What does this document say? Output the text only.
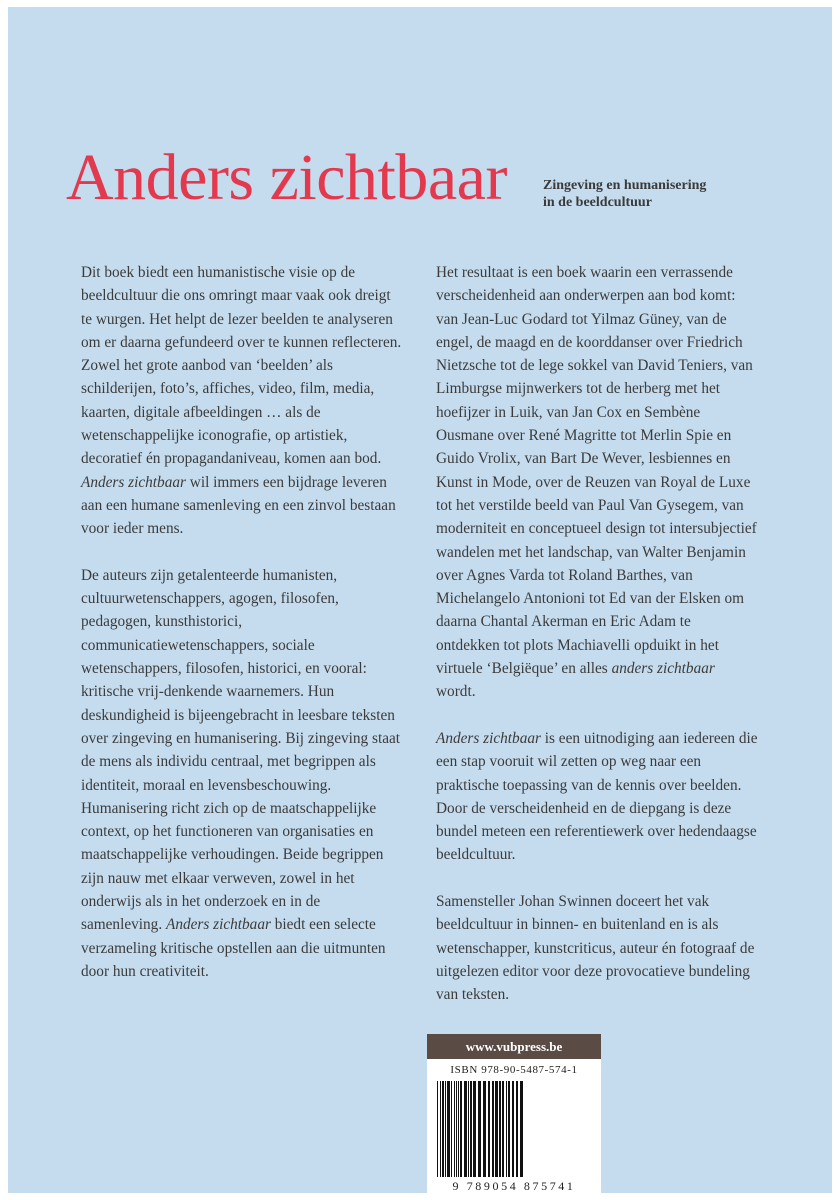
Anders zichtbaar	Zingeving en humanisering
in de beeldcultuur

Dit boek biedt een humanistische visie op de beeldcultuur die ons omringt maar vaak ook dreigt te wurgen. Het helpt de lezer beelden te analyseren om er daarna gefundeerd over te kunnen reflecteren. Zowel het grote aanbod van ‘beelden’ als schilderijen, foto’s, affiches, video, film, media, kaarten, digitale afbeeldingen … als de wetenschappelijke iconografie, op artistiek, decoratief én propagandaniveau, komen aan bod. Anders zichtbaar wil immers een bijdrage leveren aan een humane samenleving en een zinvol bestaan voor ieder mens.

De auteurs zijn getalenteerde humanisten, cultuurwetenschappers, agogen, filosofen, pedagogen, kunsthistorici, communicatiewetenschappers, sociale wetenschappers, filosofen, historici, en vooral: kritische vrij-denkende waarnemers. Hun deskundigheid is bijeengebracht in leesbare teksten over zingeving en humanisering. Bij zingeving staat de mens als individu centraal, met begrippen als identiteit, moraal en levensbeschouwing. Humanisering richt zich op de maatschappelijke context, op het functioneren van organisaties en maatschappelijke verhoudingen. Beide begrippen zijn nauw met elkaar verweven, zowel in het onderwijs als in het onderzoek en in de samenleving. Anders zichtbaar biedt een selecte verzameling kritische opstellen aan die uitmunten door hun creativiteit.

Het resultaat is een boek waarin een verrassende verscheidenheid aan onderwerpen aan bod komt: van Jean-Luc Godard tot Yilmaz Güney, van de engel, de maagd en de koorddanser over Friedrich Nietzsche tot de lege sokkel van David Teniers, van Limburgse mijnwerkers tot de herberg met het hoefijzer in Luik, van Jan Cox en Sembène Ousmane over René Magritte tot Merlin Spie en Guido Vrolix, van Bart De Wever, lesbiennes en Kunst in Mode, over de Reuzen van Royal de Luxe tot het verstilde beeld van Paul Van Gysegem, van moderniteit en conceptueel design tot intersubjectief wandelen met het landschap, van Walter Benjamin over Agnes Varda tot Roland Barthes, van Michelangelo Antonioni tot Ed van der Elsken om daarna Chantal Akerman en Eric Adam te ontdekken tot plots Machiavelli opduikt in het virtuele ‘Belgiëque’ en alles anders zichtbaar wordt.

Anders zichtbaar is een uitnodiging aan iedereen die een stap vooruit wil zetten op weg naar een praktische toepassing van de kennis over beelden. Door de verscheidenheid en de diepgang is deze bundel meteen een referentiewerk over hedendaagse beeldcultuur.

Samensteller Johan Swinnen doceert het vak beeldcultuur in binnen- en buitenland en is als wetenschapper, kunstcriticus, auteur én fotograaf de uitgelezen editor voor deze provocatieve bundeling van teksten.

www.vubpress.be
ISBN 978-90-5487-574-1
9 789054 875741
